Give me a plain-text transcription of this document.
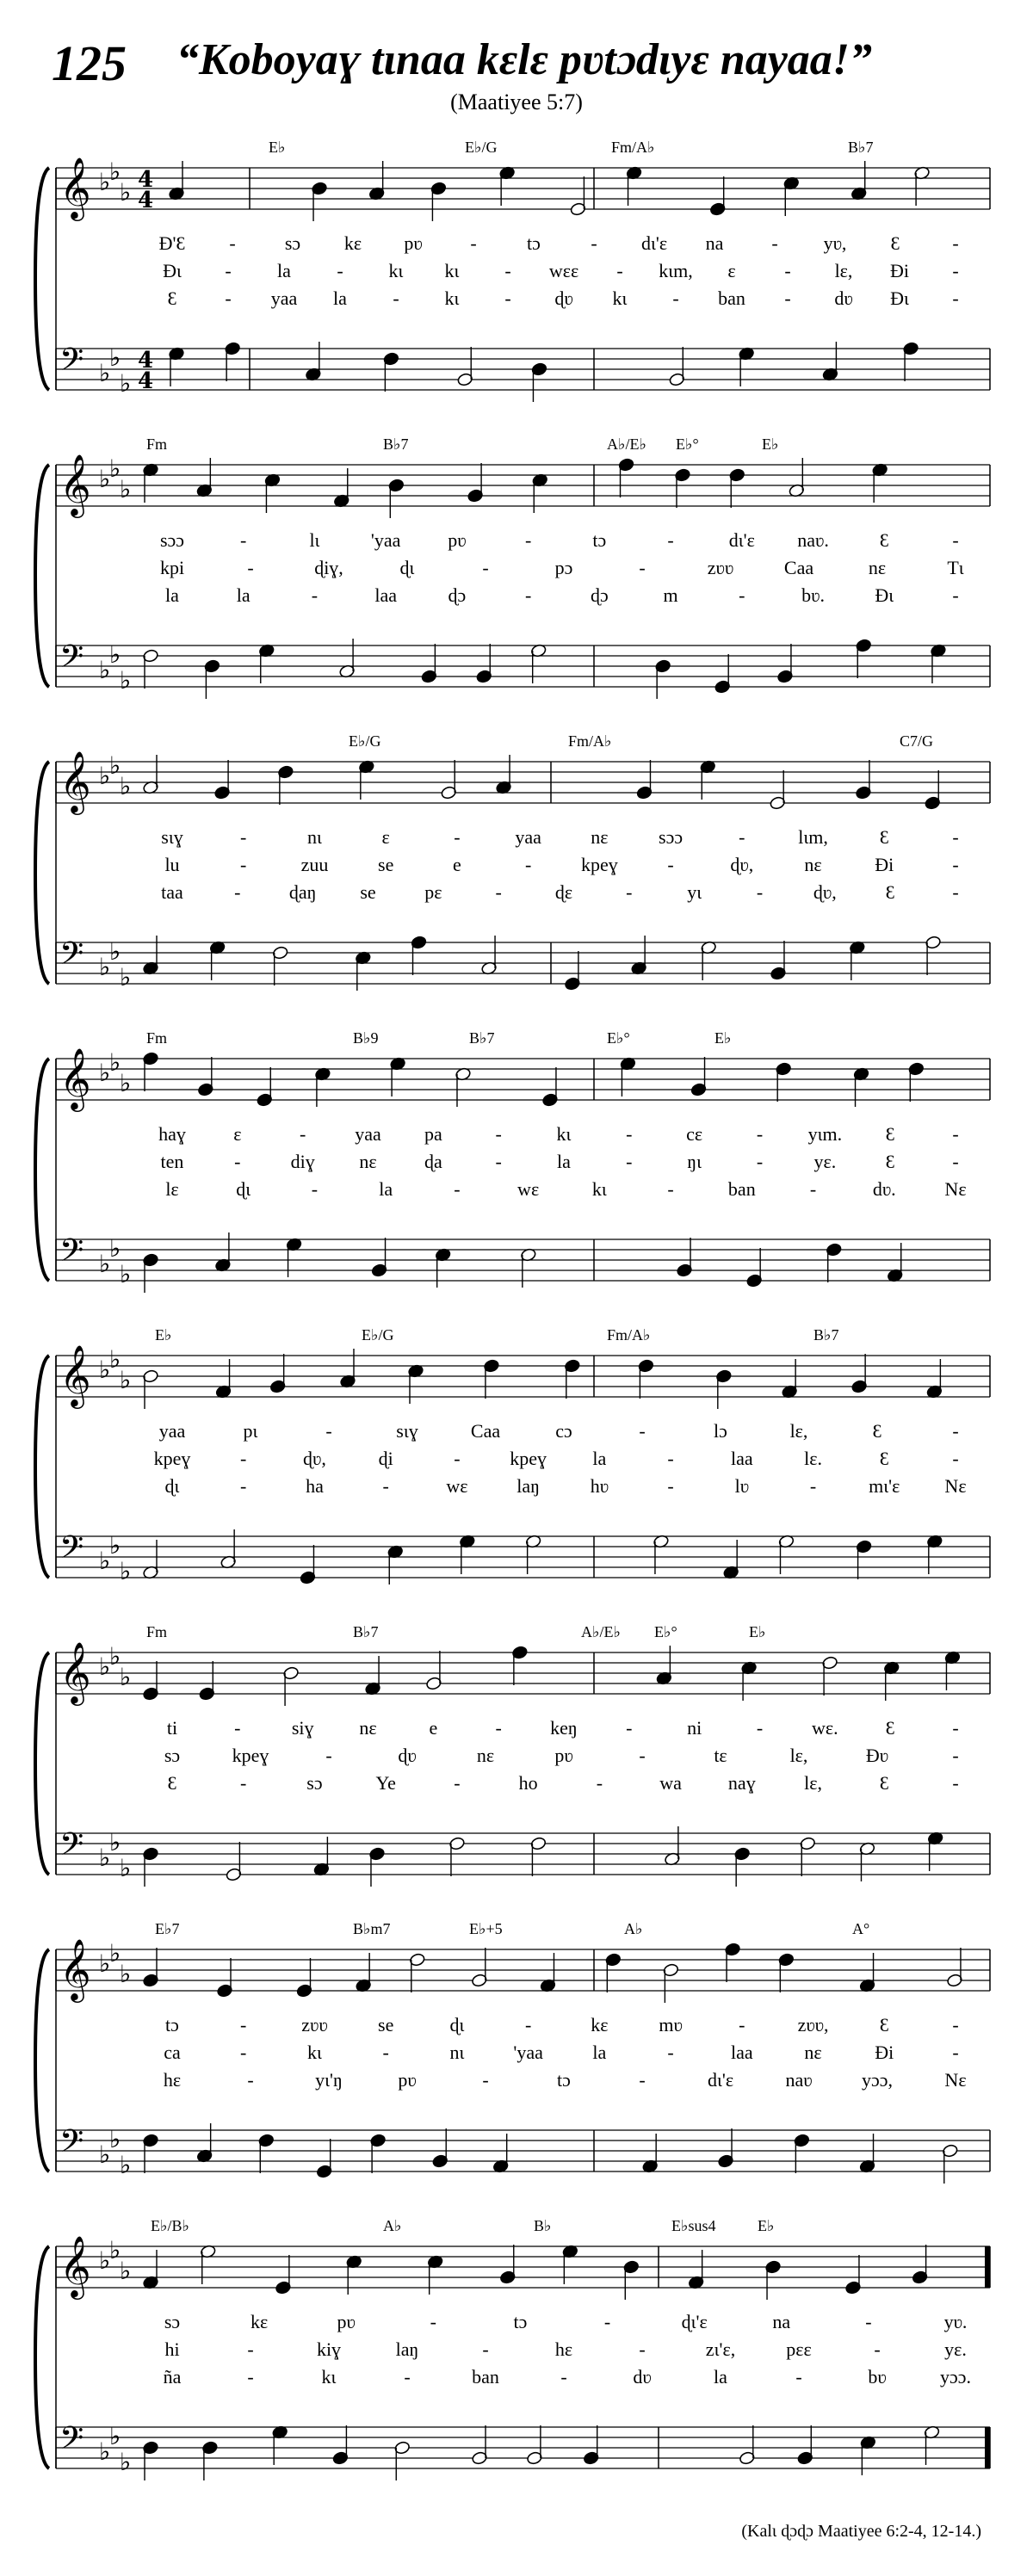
125 “Koboyaɣ tɩnaa kɛlɛ pʋtɔdɩyɛ nayaa!”
(Maatiyee 5:7)
𝄞 ♭
♭
♭ 4
4
𝄢 ♭
♭
♭
4
4
E♭	E♭/G	Fm/A♭	B♭7
Ɖ'Ɛ -	sɔ kɛ pʋ	-	tɔ	- dɩ'ɛ na	- yʋ, Ɛ	-
Ɖɩ - la - kɩ kɩ - wɛɛ - kɩm, ɛ	- lɛ, Ɖi -
Ɛ	- yaa la - kɩ - ɖʋ kɩ - ban - dʋ Ɖɩ -
𝄞 ♭
♭
♭
𝄢 ♭
♭
♭
Fm	B♭7	A♭/E♭ E♭°	E♭
sɔɔ	-	lɩ	'yaa pʋ	-	tɔ	-	dɩ'ɛ naʋ.	Ɛ	-
kpi	-	ɖiɣ,	ɖɩ	-	pɔ	-	zʋʋ	Caa	nɛ	Tɩ
la	la	-	laa	ɖɔ	-	ɖɔ	m	-	bʋ.	Ɖɩ	-
𝄞 ♭
♭
♭
𝄢 ♭
♭
♭
E♭/G	Fm/A♭	C7/G
sɩɣ	-	nɩ	ɛ	-	yaa	nɛ	sɔɔ	-	lɩm,	Ɛ	-
lu	-	zuu	se	e	-	kpeɣ	-	ɖʋ,	nɛ	Ɖi	-
taa	-	ɖaŋ se	pɛ	-	ɖɛ	-	yɩ	-	ɖʋ,	Ɛ	-
𝄞 ♭
♭
♭
𝄢 ♭
♭
♭
Fm	B♭9	B♭7	E♭°	E♭
haɣ	ɛ	-	yaa pa	-	kɩ	-	cɛ	- yɩm. Ɛ	-
ten	-	diɣ nɛ	ɖa	-	la	-	ŋɩ	-	yɛ.	Ɛ	-
lɛ	ɖɩ	-	la	-	wɛ	kɩ	-	ban	-	dʋ.	Nɛ
𝄞 ♭
♭
♭
𝄢 ♭
♭
♭
E♭	E♭/G	Fm/A♭	B♭7
yaa	pɩ	-	sɩɣ	Caa	cɔ	-	lɔ	lɛ,	Ɛ	-
kpeɣ	-	ɖʋ,	ɖi	-	kpeɣ la	-	laa	lɛ.	Ɛ	-
ɖɩ	-	ha	-	wɛ	laŋ	hʋ	-	lʋ	-	mɩ'ɛ Nɛ
𝄞 ♭
♭
♭
𝄢 ♭
♭
♭
Fm	B♭7	A♭/E♭ E♭°	E♭
ti	-	siɣ nɛ	e	-	keŋ	-	ni	-	wɛ. Ɛ	-
sɔ	kpeɣ	-	ɖʋ	nɛ	pʋ	-	tɛ	lɛ,	Ɖʋ	-
Ɛ	-	sɔ	Ye	-	ho	-	wa naɣ	lɛ,	Ɛ	-
𝄞 ♭
♭
♭
𝄢 ♭
♭
♭
E♭7	B♭m7	E♭+5	A♭	A°
tɔ	-	zʋʋ	se	ɖɩ	-	kɛ	mʋ	-	zʋʋ,	Ɛ	-
ca	-	kɩ	-	nɩ	'yaa	la	-	laa	nɛ	Ɖi	-
hɛ	-	yɩ'ŋ	pʋ	-	tɔ	-	dɩ'ɛ	naʋ	yɔɔ,	Nɛ
𝄞 ♭
♭
♭
𝄢 ♭
♭
♭
E♭/B♭	A♭	B♭	E♭sus4	E♭
sɔ	kɛ	pʋ	-	tɔ	-	ɖɩ'ɛ	na	-	yʋ.
hi	-	kiɣ	laŋ	-	hɛ	-	zɩ'ɛ,	pɛɛ	-	yɛ.
ña	-	kɩ	-	ban	-	dʋ	la	-	bʋ	yɔɔ.
(Kalɩ ɖɔɖɔ Maatiyee 6:2-4, 12-14.)
